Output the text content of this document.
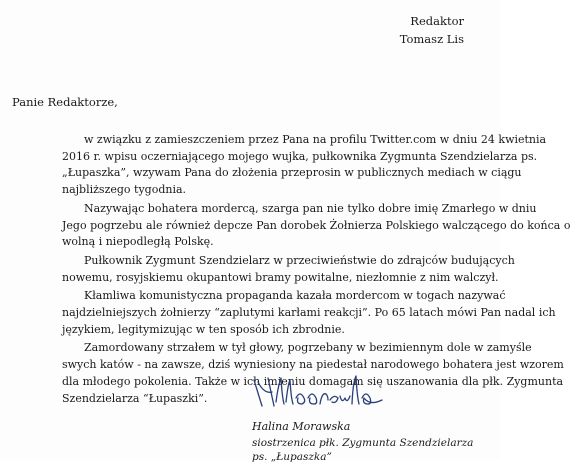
Redaktor
Tomasz Lis
Panie Redaktorze,
w związku z zamieszczeniem przez Pana na profilu Twitter.com w dniu 24 kwietnia
2016 r. wpisu oczerniającego mojego wujka, pułkownika Zygmunta Szendzielarza ps.
„Łupaszka”, wzywam Pana do złożenia przeprosin w publicznych mediach w ciągu
najbliższego tygodnia.
Nazywając bohatera mordercą, szarga pan nie tylko dobre imię Zmarłego w dniu
Jego pogrzebu ale również depcze Pan dorobek Żołnierza Polskiego walczącego do końca o
wolną i niepodległą Polskę.
Pułkownik Zygmunt Szendzielarz w przeciwieństwie do zdrajców budujących
nowemu, rosyjskiemu okupantowi bramy powitalne, niezłomnie z nim walczył.
Kłamliwa komunistyczna propaganda kazała mordercom w togach nazywać
najdzielniejszych żołnierzy “zaplutymi karłami reakcji”. Po 65 latach mówi Pan nadal ich
językiem, legitymizując w ten sposób ich zbrodnie.
Zamordowany strzałem w tył głowy, pogrzebany w bezimiennym dole w zamyśle
swych katów - na zawsze, dziś wyniesiony na piedestał narodowego bohatera jest wzorem
dla młodego pokolenia. Także w ich imieniu domagam się uszanowania dla płk. Zygmunta
Szendzielarza “Łupaszki”.
Halina Morawska
siostrzenica płk. Zygmunta Szendzielarza
ps. „Łupaszka”
